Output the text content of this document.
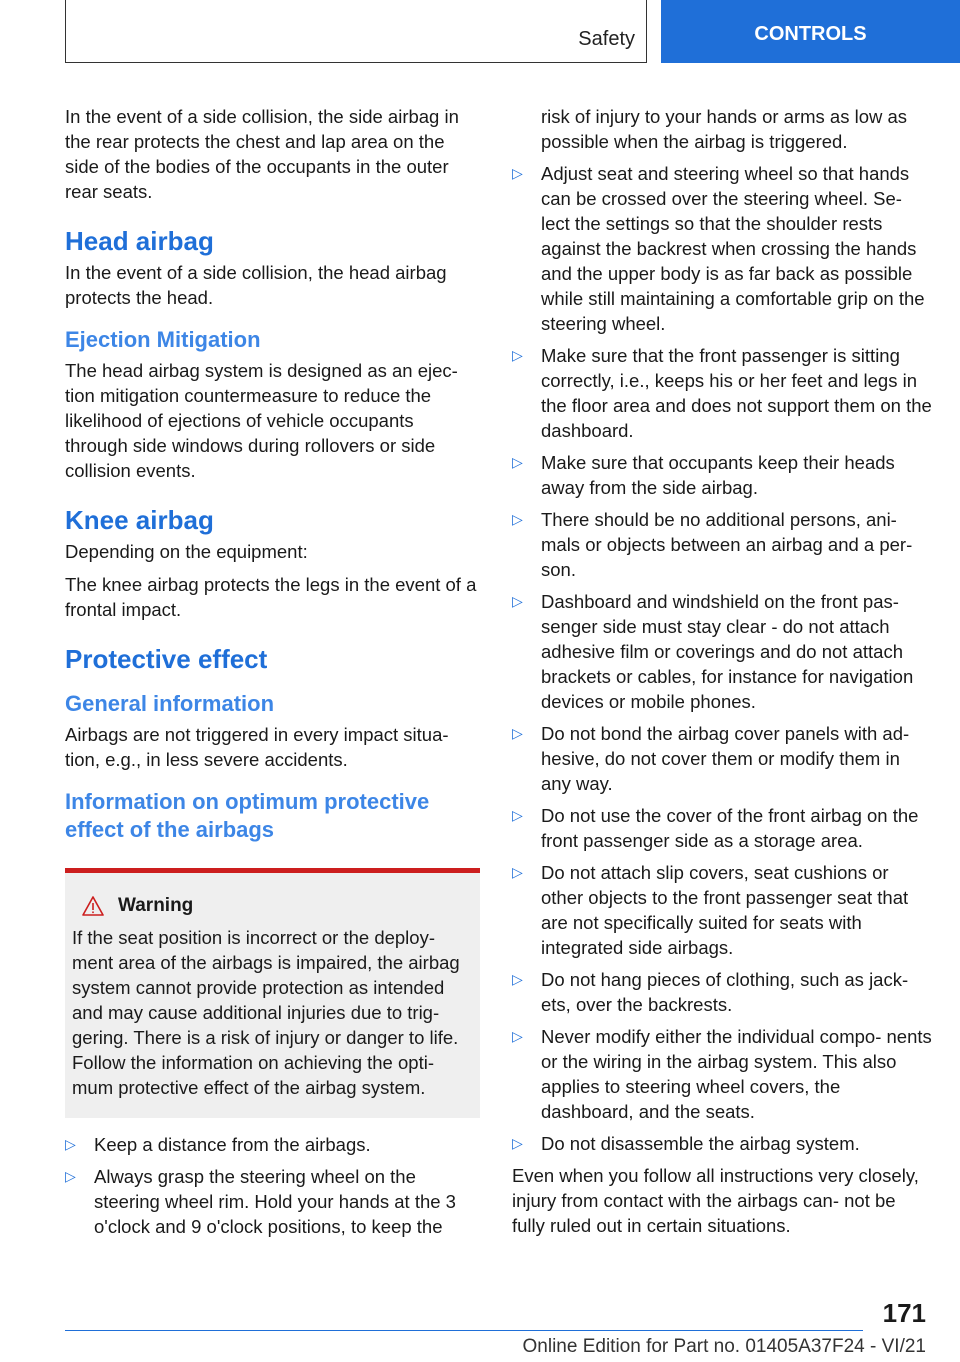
Safety	CONTROLS

In the event of a side collision, the side airbag in the rear protects the chest and lap area on the side of the bodies of the occupants in the outer rear seats.

Head airbag

In the event of a side collision, the head airbag protects the head.

Ejection Mitigation

The head airbag system is designed as an ejec‐ tion mitigation countermeasure to reduce the likelihood of ejections of vehicle occupants through side windows during rollovers or side collision events.

Knee airbag

Depending on the equipment:

The knee airbag protects the legs in the event of a frontal impact.

Protective effect
General information

Airbags are not triggered in every impact situa‐ tion, e.g., in less severe accidents.

Information on optimum protective effect of the airbags
Warning

If the seat position is incorrect or the deploy‐ ment area of the airbags is impaired, the airbag system cannot provide protection as intended and may cause additional injuries due to trig‐ gering. There is a risk of injury or danger to life. Follow the information on achieving the opti‐ mum protective effect of the airbag system.

▷ Keep a distance from the airbags.
▷ Always grasp the steering wheel on the steering wheel rim. Hold your hands at the 3 o'clock and 9 o'clock positions, to keep the

risk of injury to your hands or arms as low as possible when the airbag is triggered.

▷ Adjust seat and steering wheel so that hands can be crossed over the steering wheel. Se‐ lect the settings so that the shoulder rests against the backrest when crossing the hands and the upper body is as far back as possible while still maintaining a comfortable grip on the steering wheel.
▷ Make sure that the front passenger is sitting correctly, i.e., keeps his or her feet and legs in the floor area and does not support them on the dashboard.
▷ Make sure that occupants keep their heads away from the side airbag.
▷ There should be no additional persons, ani‐ mals or objects between an airbag and a per‐ son.
▷ Dashboard and windshield on the front pas‐ senger side must stay clear - do not attach adhesive film or coverings and do not attach brackets or cables, for instance for navigation devices or mobile phones.
▷ Do not bond the airbag cover panels with ad‐ hesive, do not cover them or modify them in any way.
▷ Do not use the cover of the front airbag on the front passenger side as a storage area.
▷ Do not attach slip covers, seat cushions or other objects to the front passenger seat that are not specifically suited for seats with integrated side airbags.
▷ Do not hang pieces of clothing, such as jack‐ ets, over the backrests.
▷ Never modify either the individual compo‐ nents or the wiring in the airbag system. This also applies to steering wheel covers, the dashboard, and the seats.
▷ Do not disassemble the airbag system.

Even when you follow all instructions very closely, injury from contact with the airbags can‐ not be fully ruled out in certain situations.

171
Online Edition for Part no. 01405A37F24 - VI/21
